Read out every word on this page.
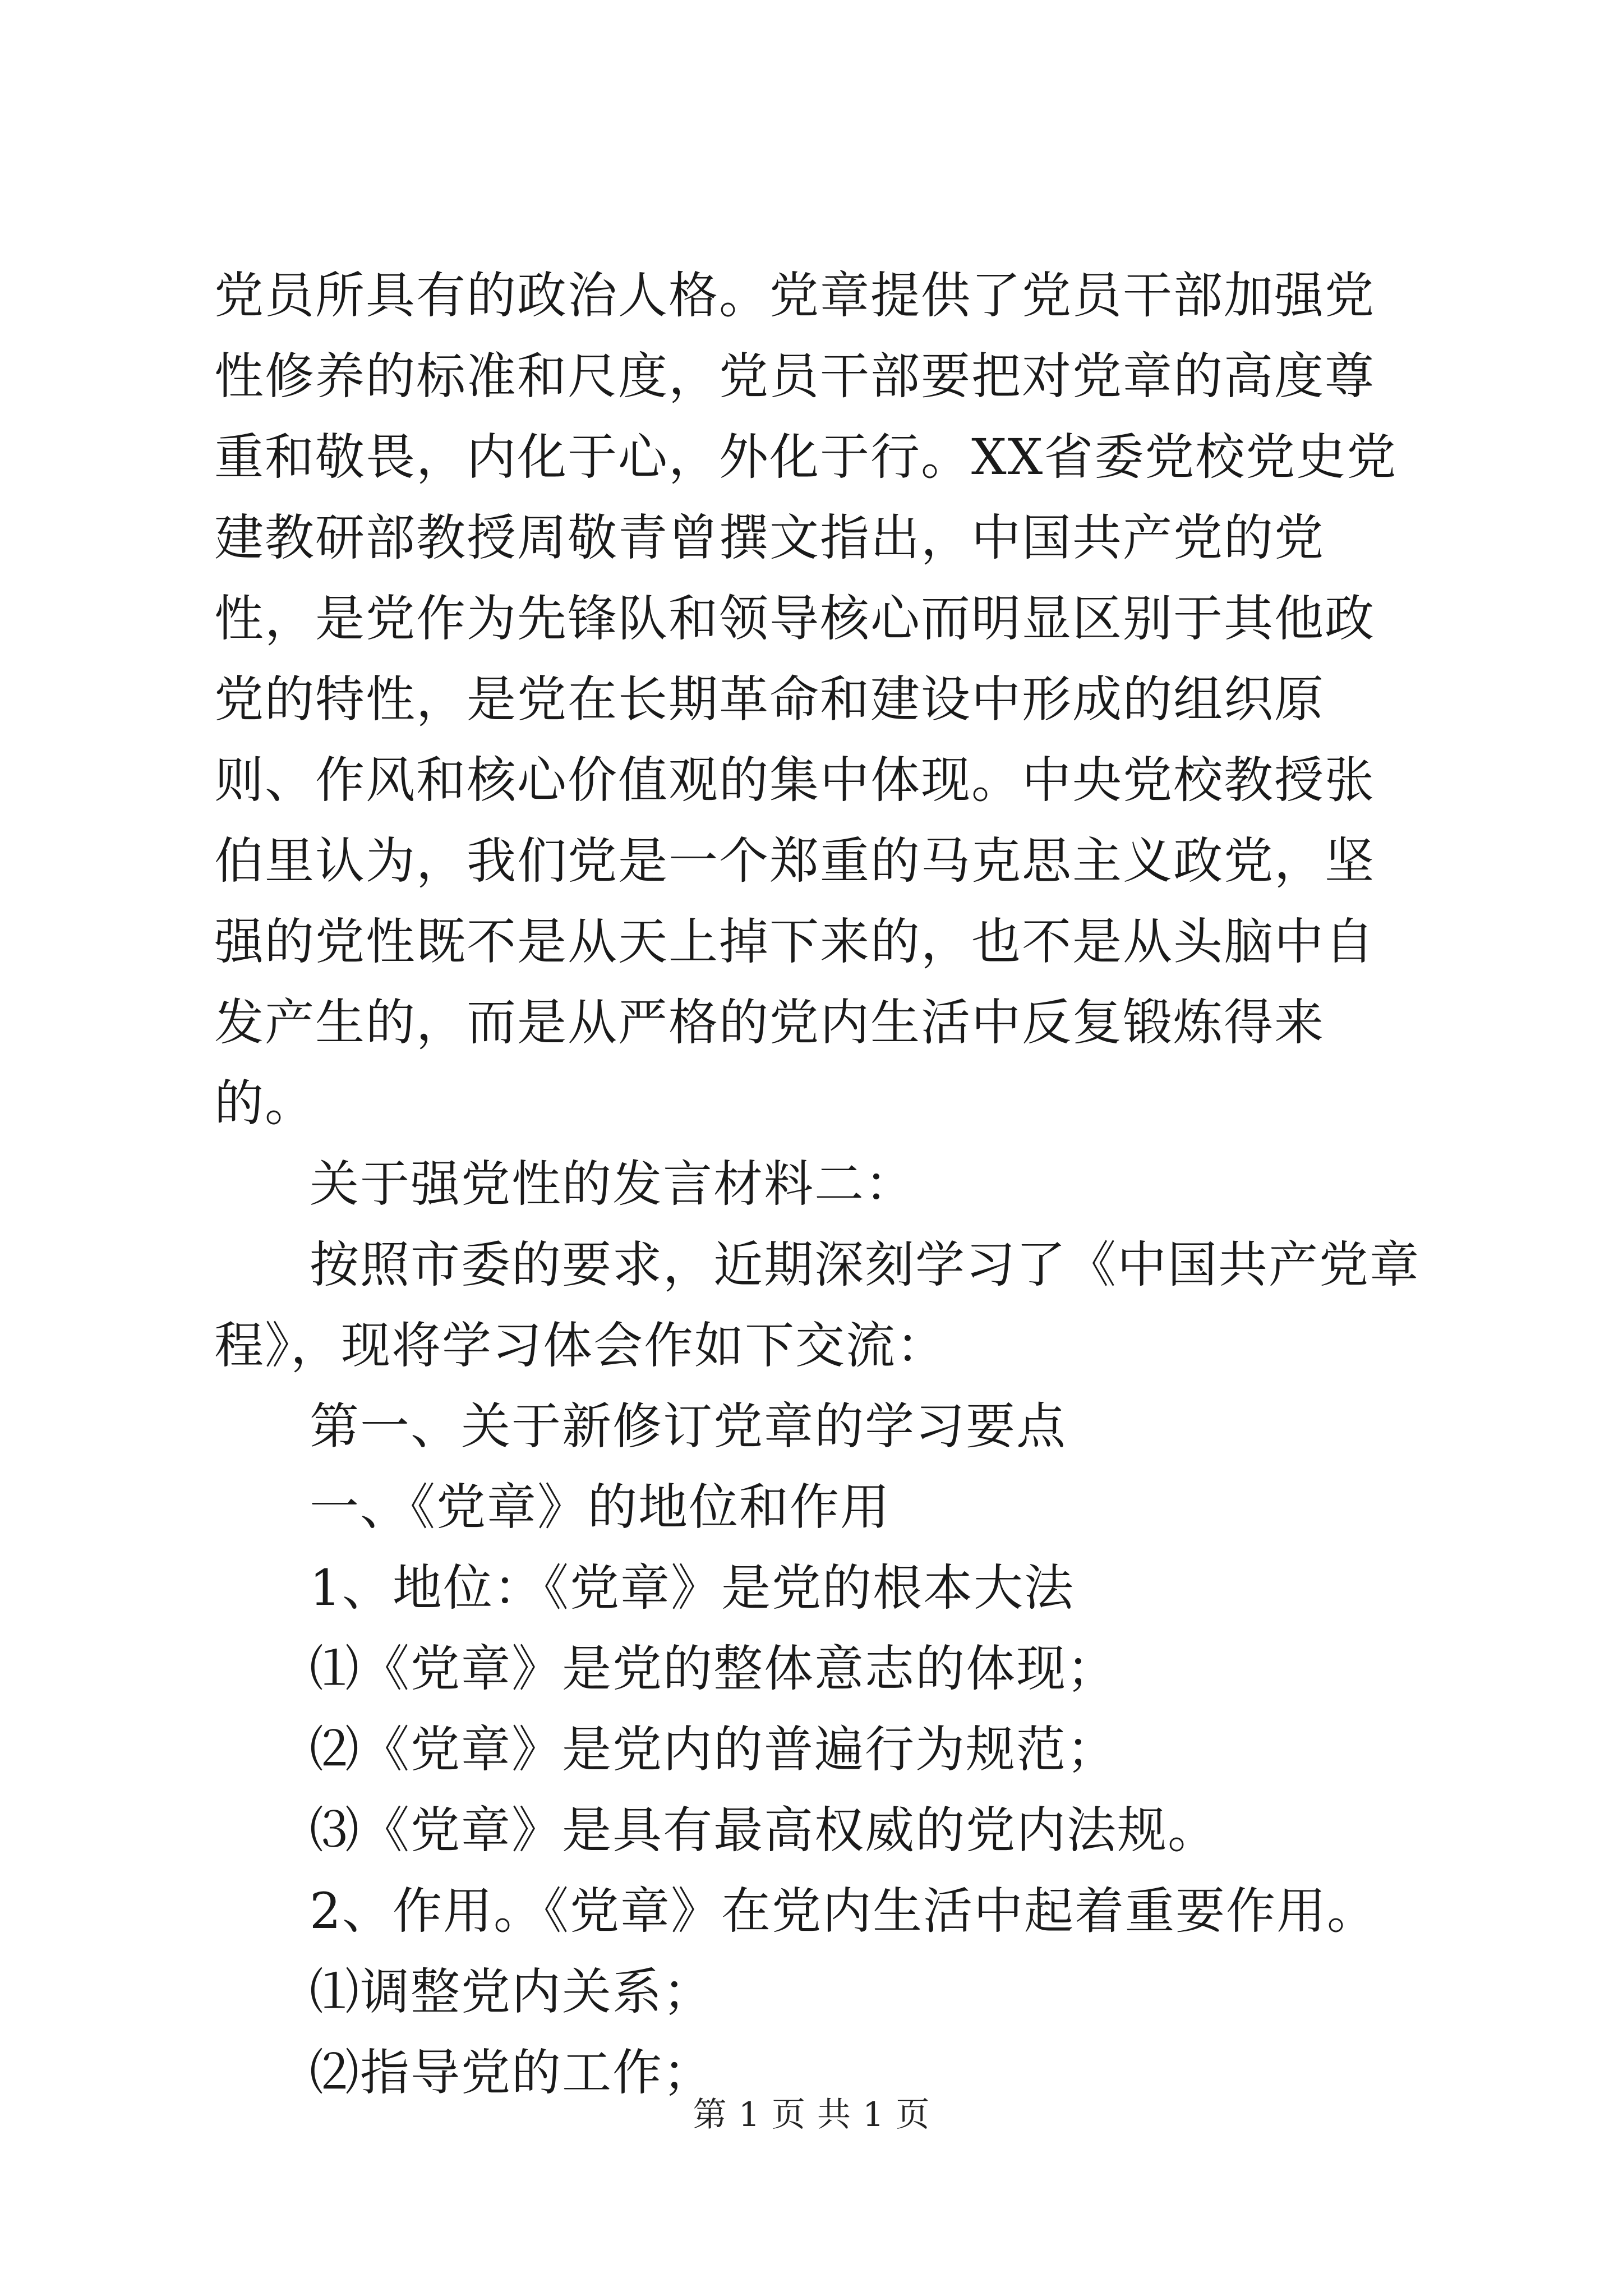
党员所具有的政治人格。党章提供了党员干部加强党性修养的标准和尺度，党员干部要把对党章的高度尊重和敬畏，内化于心，外化于行。XX省委党校党史党建教研部教授周敬青曾撰文指出，中国共产党的党性，是党作为先锋队和领导核心而明显区别于其他政党的特性，是党在长期革命和建设中形成的组织原则、作风和核心价值观的集中体现。中央党校教授张伯里认为，我们党是一个郑重的马克思主义政党，坚强的党性既不是从天上掉下来的，也不是从头脑中自发产生的，而是从严格的党内生活中反复锻炼得来的。

关于强党性的发言材料二：

按照市委的要求，近期深刻学习了《中国共产党章程》，现将学习体会作如下交流：

第一、关于新修订党章的学习要点

一、《党章》的地位和作用

1、地位：《党章》是党的根本大法

⑴《党章》是党的整体意志的体现；

⑵《党章》是党内的普遍行为规范；

⑶《党章》是具有最高权威的党内法规。

2、作用。《党章》在党内生活中起着重要作用。

⑴调整党内关系；

⑵指导党的工作；

第 1 页 共 1 页
